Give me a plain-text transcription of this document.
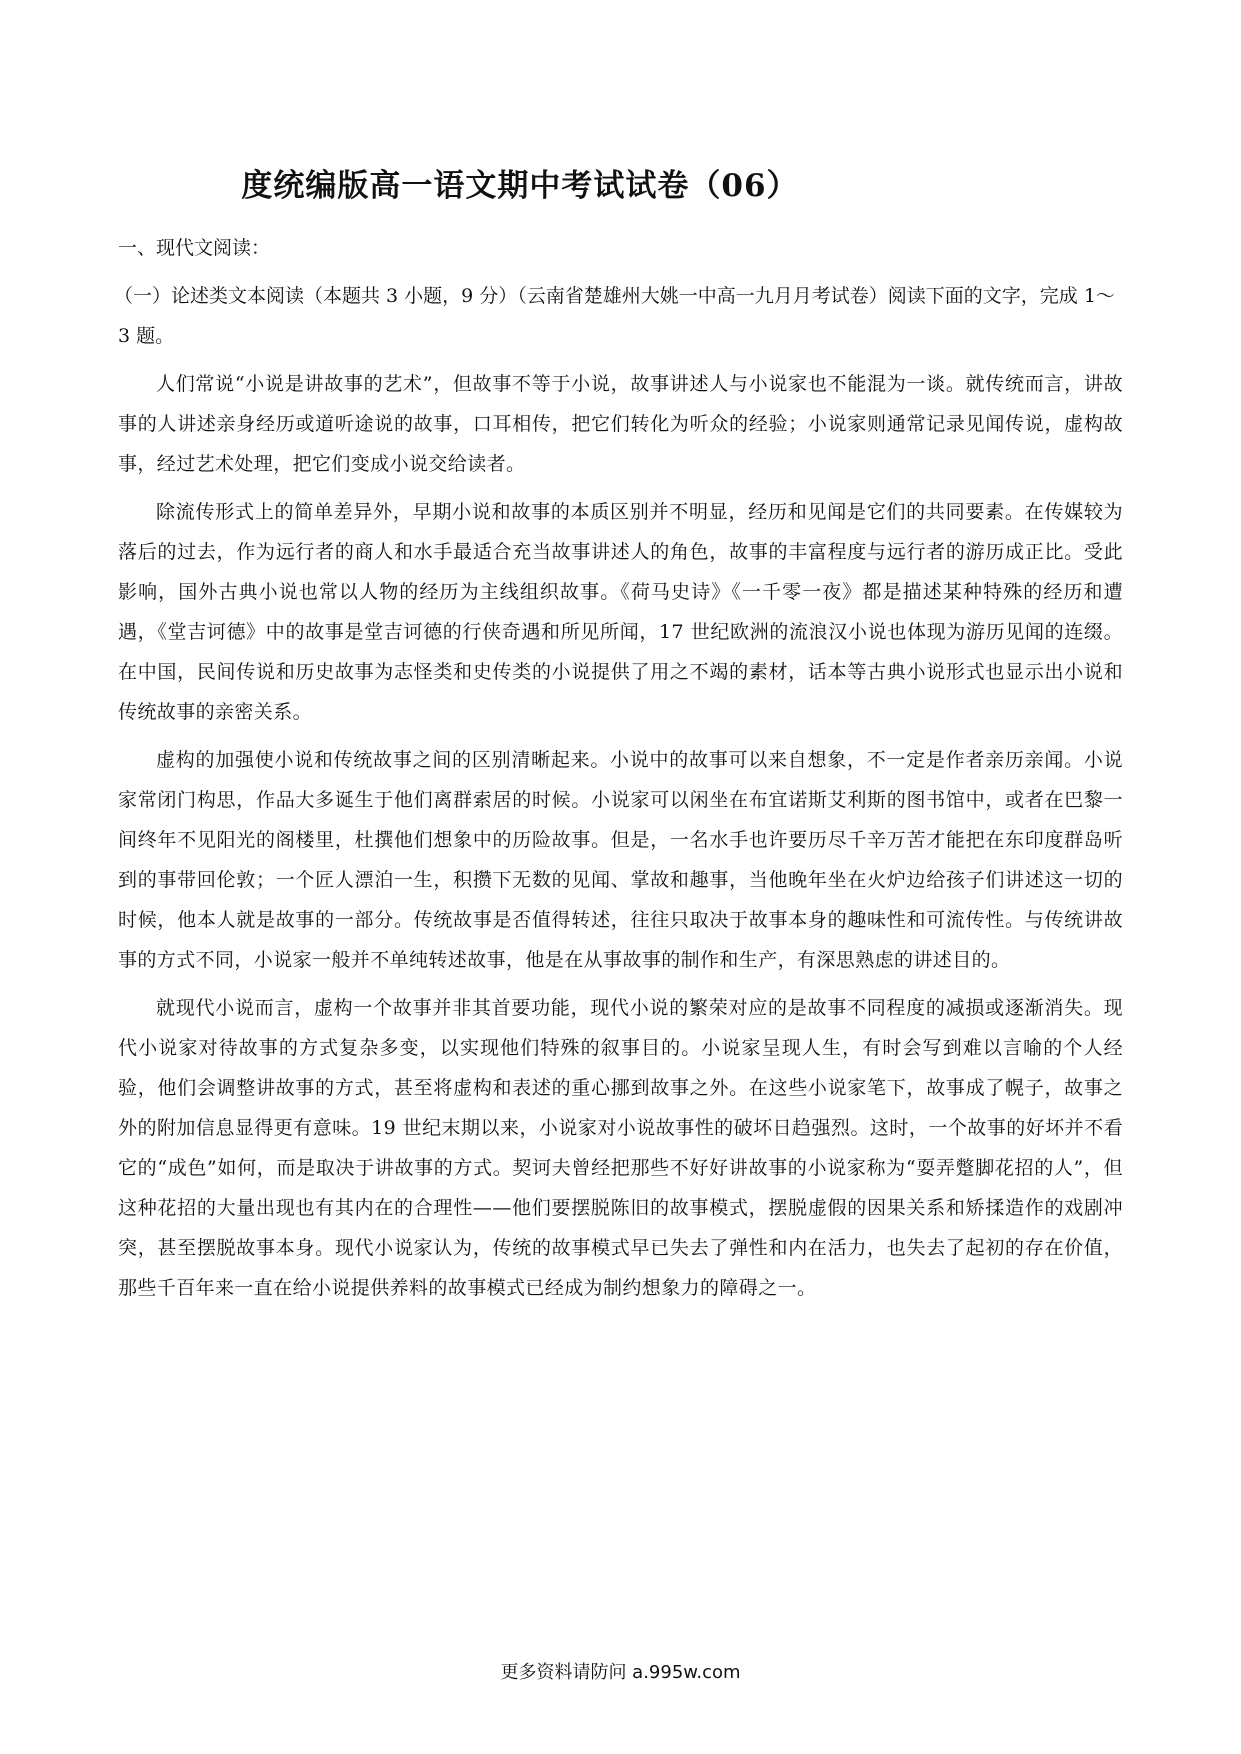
度统编版高一语文期中考试试卷（06）
一、现代文阅读：
（一）论述类文本阅读（本题共 3 小题，9 分）（云南省楚雄州大姚一中高一九月月考试卷）阅读下面的文字，完成 1～3 题。
人们常说“小说是讲故事的艺术”，但故事不等于小说，故事讲述人与小说家也不能混为一谈。就传统而言，讲故事的人讲述亲身经历或道听途说的故事，口耳相传，把它们转化为听众的经验；小说家则通常记录见闻传说，虚构故事，经过艺术处理，把它们变成小说交给读者。
除流传形式上的简单差异外，早期小说和故事的本质区别并不明显，经历和见闻是它们的共同要素。在传媒较为落后的过去，作为远行者的商人和水手最适合充当故事讲述人的角色，故事的丰富程度与远行者的游历成正比。受此影响，国外古典小说也常以人物的经历为主线组织故事。《荷马史诗》《一千零一夜》都是描述某种特殊的经历和遭遇，《堂吉诃德》中的故事是堂吉诃德的行侠奇遇和所见所闻，17 世纪欧洲的流浪汉小说也体现为游历见闻的连缀。在中国，民间传说和历史故事为志怪类和史传类的小说提供了用之不竭的素材，话本等古典小说形式也显示出小说和传统故事的亲密关系。
虚构的加强使小说和传统故事之间的区别清晰起来。小说中的故事可以来自想象，不一定是作者亲历亲闻。小说家常闭门构思，作品大多诞生于他们离群索居的时候。小说家可以闲坐在布宜诺斯艾利斯的图书馆中，或者在巴黎一间终年不见阳光的阁楼里，杜撰他们想象中的历险故事。但是，一名水手也许要历尽千辛万苦才能把在东印度群岛听到的事带回伦敦；一个匠人漂泊一生，积攒下无数的见闻、掌故和趣事，当他晚年坐在火炉边给孩子们讲述这一切的时候，他本人就是故事的一部分。传统故事是否值得转述，往往只取决于故事本身的趣味性和可流传性。与传统讲故事的方式不同，小说家一般并不单纯转述故事，他是在从事故事的制作和生产，有深思熟虑的讲述目的。
就现代小说而言，虚构一个故事并非其首要功能，现代小说的繁荣对应的是故事不同程度的减损或逐渐消失。现代小说家对待故事的方式复杂多变，以实现他们特殊的叙事目的。小说家呈现人生，有时会写到难以言喻的个人经验，他们会调整讲故事的方式，甚至将虚构和表述的重心挪到故事之外。在这些小说家笔下，故事成了幌子，故事之外的附加信息显得更有意味。19 世纪末期以来，小说家对小说故事性的破坏日趋强烈。这时，一个故事的好坏并不看它的“成色”如何，而是取决于讲故事的方式。契诃夫曾经把那些不好好讲故事的小说家称为“耍弄蹩脚花招的人”，但这种花招的大量出现也有其内在的合理性——他们要摆脱陈旧的故事模式，摆脱虚假的因果关系和矫揉造作的戏剧冲突，甚至摆脱故事本身。现代小说家认为，传统的故事模式早已失去了弹性和内在活力，也失去了起初的存在价值，那些千百年来一直在给小说提供养料的故事模式已经成为制约想象力的障碍之一。
更多资料请防问 a.995w.com
